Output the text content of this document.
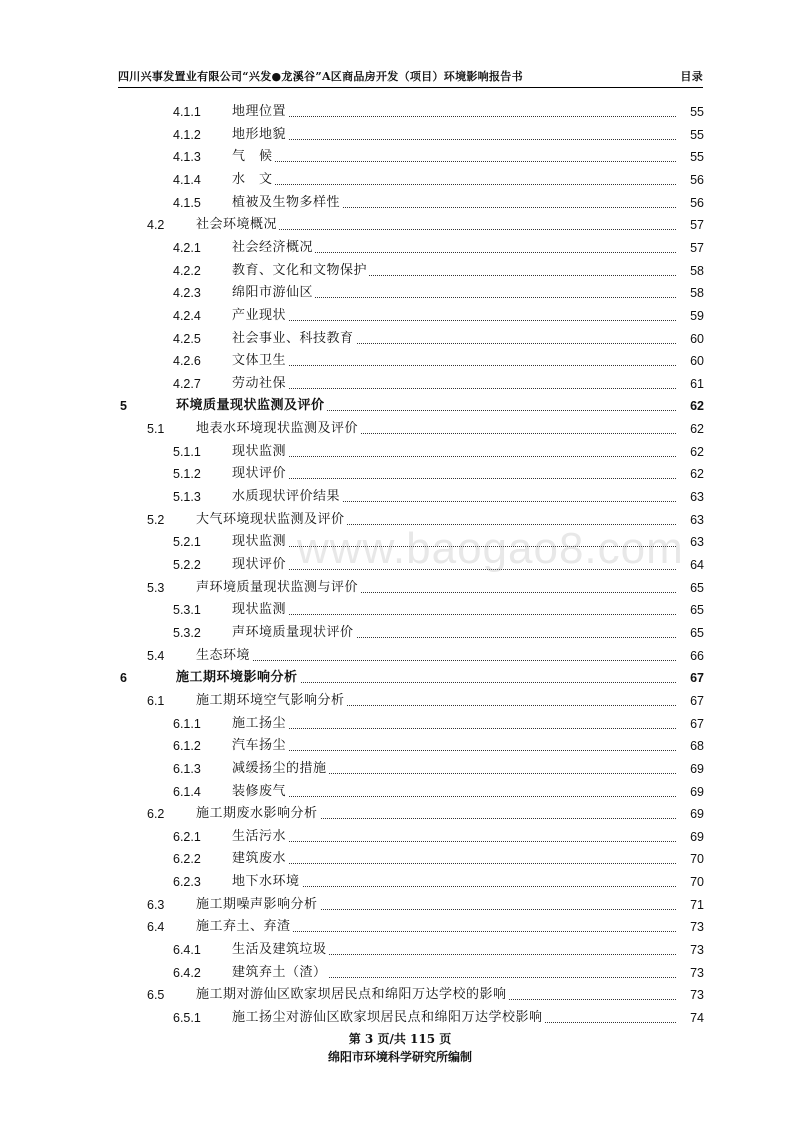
四川兴事发置业有限公司“兴发●龙溪谷”A区商品房开发（项目）环境影响报告书	目录
4.1.1 地理位置	55
4.1.2 地形地貌	55
4.1.3 气　候	55
4.1.4 水　文	56
4.1.5 植被及生物多样性	56
4.2 社会环境概况	57
4.2.1 社会经济概况	57
4.2.2 教育、文化和文物保护	58
4.2.3 绵阳市游仙区	58
4.2.4 产业现状	59
4.2.5 社会事业、科技教育	60
4.2.6 文体卫生	60
4.2.7 劳动社保	61
5	环境质量现状监测及评价	62
5.1 地表水环境现状监测及评价	62
5.1.1 现状监测	62
5.1.2 现状评价	62
5.1.3 水质现状评价结果	63
5.2 大气环境现状监测及评价	63
5.2.1 现状监测	63
5.2.2 现状评价	64
5.3 声环境质量现状监测与评价	65
5.3.1 现状监测	65
5.3.2 声环境质量现状评价	65
5.4 生态环境	66
6	施工期环境影响分析	67
6.1 施工期环境空气影响分析	67
6.1.1 施工扬尘	67
6.1.2 汽车扬尘	68
6.1.3 减缓扬尘的措施	69
6.1.4 装修废气	69
6.2 施工期废水影响分析	69
6.2.1 生活污水	69
6.2.2 建筑废水	70
6.2.3 地下水环境	70
6.3 施工期噪声影响分析	71
6.4 施工弃土、弃渣	73
6.4.1 生活及建筑垃圾	73
6.4.2 建筑弃土（渣）	73
6.5 施工期对游仙区欧家坝居民点和绵阳万达学校的影响	73
6.5.1 施工扬尘对游仙区欧家坝居民点和绵阳万达学校影响	74
www.baogao8.com
第 3 页/共 115 页
绵阳市环境科学研究所编制
